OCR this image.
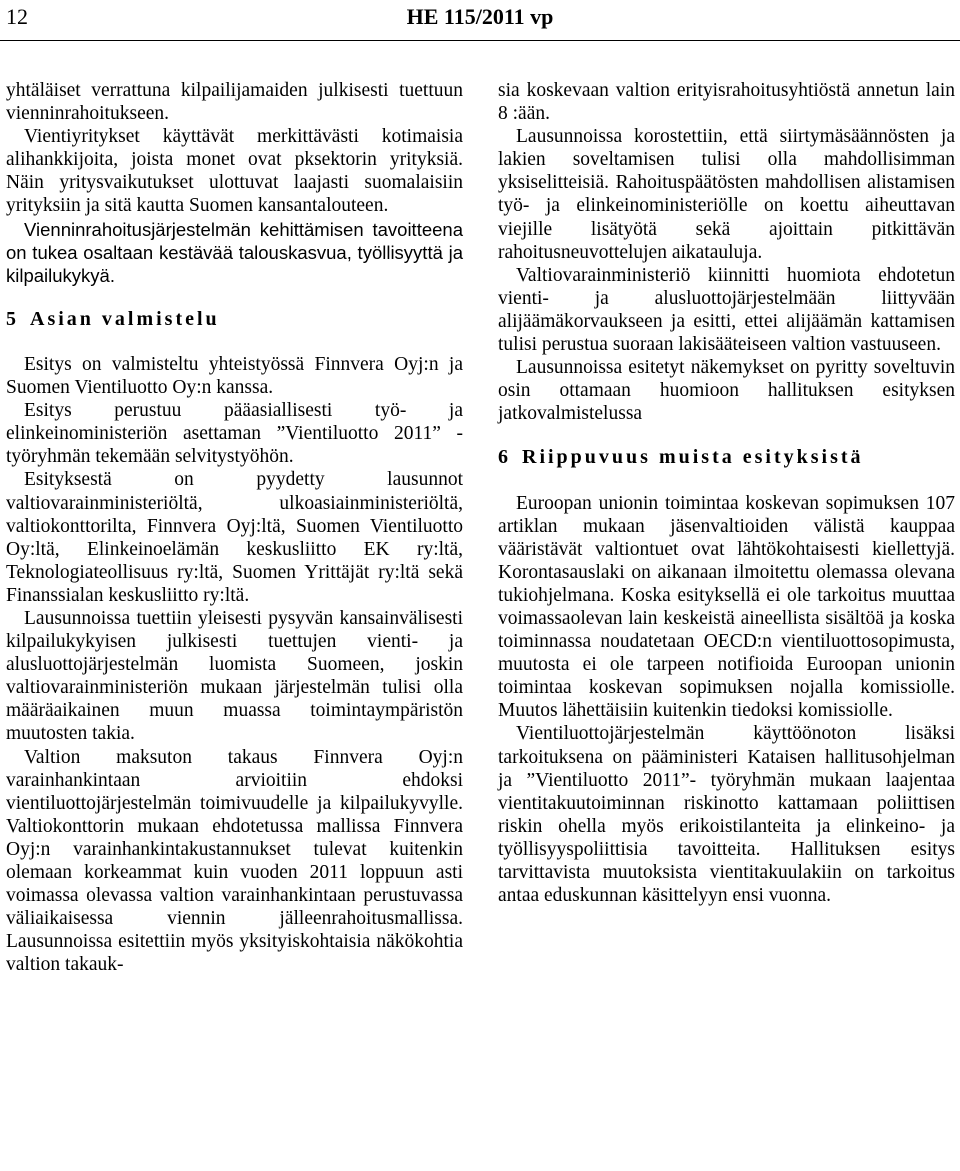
12	HE 115/2011 vp

yhtäläiset verrattuna kilpailijamaiden julkisesti tuettuun vienninrahoitukseen.

Vientiyritykset käyttävät merkittävästi kotimaisia alihankkijoita, joista monet ovat pksektorin yrityksiä. Näin yritysvaikutukset ulottuvat laajasti suomalaisiin yrityksiin ja sitä kautta Suomen kansantalouteen.

Vienninrahoitusjärjestelmän kehittämisen tavoitteena on tukea osaltaan kestävää talouskasvua, työllisyyttä ja kilpailukykyä.

5 Asian valmistelu

Esitys on valmisteltu yhteistyössä Finnvera Oyj:n ja Suomen Vientiluotto Oy:n kanssa.

Esitys perustuu pääasiallisesti työ- ja elinkeinoministeriön asettaman ”Vientiluotto 2011” -työryhmän tekemään selvitystyöhön.

Esityksestä on pyydetty lausunnot valtiovarainministeriöltä, ulkoasiainministeriöltä, valtiokonttorilta, Finnvera Oyj:ltä, Suomen Vientiluotto Oy:ltä, Elinkeinoelämän keskusliitto EK ry:ltä, Teknologiateollisuus ry:ltä, Suomen Yrittäjät ry:ltä sekä Finanssialan keskusliitto ry:ltä.

Lausunnoissa tuettiin yleisesti pysyvän kansainvälisesti kilpailukykyisen julkisesti tuettujen vienti- ja alusluottojärjestelmän luomista Suomeen, joskin valtiovarainministeriön mukaan järjestelmän tulisi olla määräaikainen muun muassa toimintaympäristön muutosten takia.

Valtion maksuton takaus Finnvera Oyj:n varainhankintaan arvioitiin ehdoksi vientiluottojärjestelmän toimivuudelle ja kilpailukyvylle. Valtiokonttorin mukaan ehdotetussa mallissa Finnvera Oyj:n varainhankintakustannukset tulevat kuitenkin olemaan korkeammat kuin vuoden 2011 loppuun asti voimassa olevassa valtion varainhankintaan perustuvassa väliaikaisessa viennin jälleenrahoitusmallissa. Lausunnoissa esitettiin myös yksityiskohtaisia näkökohtia valtion takauk-

sia koskevaan valtion erityisrahoitusyhtiöstä annetun lain 8 :ään.

Lausunnoissa korostettiin, että siirtymäsäännösten ja lakien soveltamisen tulisi olla mahdollisimman yksiselitteisiä. Rahoituspäätösten mahdollisen alistamisen työ- ja elinkeinoministeriölle on koettu aiheuttavan viejille lisätyötä sekä ajoittain pitkittävän rahoitusneuvottelujen aikatauluja.

Valtiovarainministeriö kiinnitti huomiota ehdotetun vienti- ja alusluottojärjestelmään liittyvään alijäämäkorvaukseen ja esitti, ettei alijäämän kattamisen tulisi perustua suoraan lakisääteiseen valtion vastuuseen.

Lausunnoissa esitetyt näkemykset on pyritty soveltuvin osin ottamaan huomioon hallituksen esityksen jatkovalmistelussa

6 Riippuvuus muista esityksistä

Euroopan unionin toimintaa koskevan sopimuksen 107 artiklan mukaan jäsenvaltioiden välistä kauppaa vääristävät valtiontuet ovat lähtökohtaisesti kiellettyjä. Korontasauslaki on aikanaan ilmoitettu olemassa olevana tukiohjelmana. Koska esityksellä ei ole tarkoitus muuttaa voimassaolevan lain keskeistä aineellista sisältöä ja koska toiminnassa noudatetaan OECD:n vientiluottosopimusta, muutosta ei ole tarpeen notifioida Euroopan unionin toimintaa koskevan sopimuksen nojalla komissiolle. Muutos lähettäisiin kuitenkin tiedoksi komissiolle.

Vientiluottojärjestelmän käyttöönoton lisäksi tarkoituksena on pääministeri Kataisen hallitusohjelman ja ”Vientiluotto 2011”- työryhmän mukaan laajentaa vientitakuutoiminnan riskinotto kattamaan poliittisen riskin ohella myös erikoistilanteita ja elinkeino- ja työllisyyspoliittisia tavoitteita. Hallituksen esitys tarvittavista muutoksista vientitakuulakiin on tarkoitus antaa eduskunnan käsittelyyn ensi vuonna.
